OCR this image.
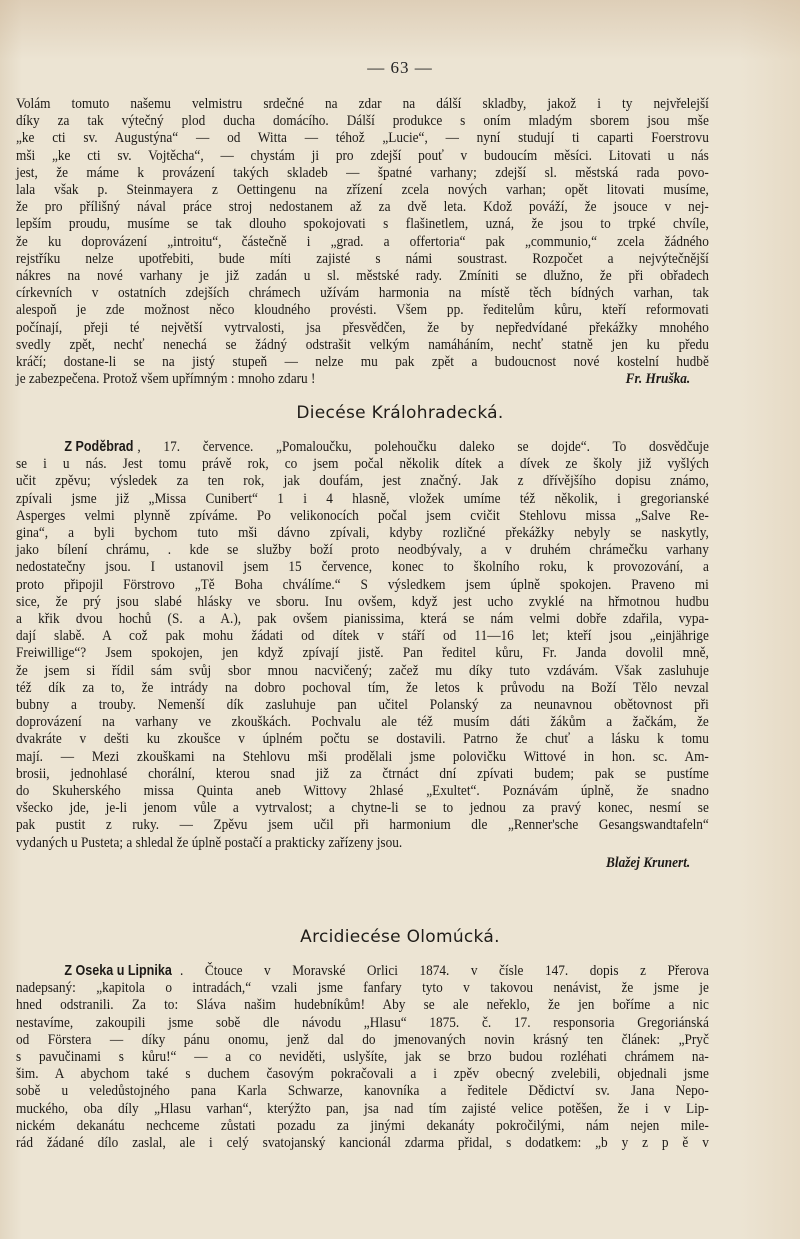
— 63 —
Volám tomuto našemu velmistru srdečné na zdar na dálší skladby, jakož i ty nejvřelejší
díky za tak výtečný plod ducha domácího. Dálší produkce s oním mladým sborem jsou mše
„ke cti sv. Augustýna“ — od Witta — téhož „Lucie“, — nyní studují ti caparti Foerstrovu
mši „ke cti sv. Vojtěcha“, — chystám ji pro zdejší pouť v budoucím měsíci. Litovati u nás
jest, že máme k provázení takých skladeb — špatné varhany; zdejší sl. městská rada povo-
lala však p. Steinmayera z Oettingenu na zřízení zcela nových varhan; opět litovati musíme,
že pro přílišný nával práce stroj nedostanem až za dvě leta. Kdož pováží, že jsouce v nej-
lepším proudu, musíme se tak dlouho spokojovati s flašinetlem, uzná, že jsou to trpké chvíle,
že ku doprovázení „introitu“, částečně i „grad. a offertoria“ pak „communio,“ zcela žádného
rejstříku nelze upotřebiti, bude míti zajisté s námi soustrast. Rozpočet a nejvýtečnější
nákres na nové varhany je již zadán u sl. městské rady. Zmíniti se dlužno, že při obřadech
církevních v ostatních zdejších chrámech užívám harmonia na místě těch bídných varhan, tak
alespoň je zde možnost něco kloudného provésti. Všem pp. ředitelům kůru, kteří reformovati
počínají, přeji té největší vytrvalosti, jsa přesvědčen, že by nepředvídané překážky mnohého
svedly zpět, nechť nenechá se žádný odstrašit velkým namáháním, nechť statně jen ku předu
kráčí; dostane-li se na jistý stupeň — nelze mu pak zpět a budoucnost nové kostelní hudbě
je zabezpečena. Protož všem upřímným : mnoho zdaru !	Fr. Hruška.
Diecése Králohradecká.
Z Poděbrad , 17. července. „Pomaloučku, polehoučku daleko se dojde“. To dosvědčuje
se i u nás. Jest tomu právě rok, co jsem počal několik dítek a dívek ze školy již vyšlých
učit zpěvu; výsledek za ten rok, jak doufám, jest značný. Jak z dřívějšího dopisu známo,
zpívali jsme již „Missa Cunibert“ 1 i 4 hlasně, vložek umíme též několik, i gregorianské
Asperges velmi plynně zpíváme. Po velikonocích počal jsem cvičit Stehlovu missa „Salve Re-
gina“, a byli bychom tuto mši dávno zpívali, kdyby rozličné překážky nebyly se naskytly,
jako bílení chrámu, . kde se služby boží proto neodbývaly, a v druhém chrámečku varhany
nedostatečny jsou. I ustanovil jsem 15 července, konec to školního roku, k provozování, a
proto připojil Förstrovo „Tě Boha chválíme.“ S výsledkem jsem úplně spokojen. Praveno mi
sice, že prý jsou slabé hlásky ve sboru. Inu ovšem, když jest ucho zvyklé na hřmotnou hudbu
a křik dvou hochů (S. a A.), pak ovšem pianissima, která se nám velmi dobře zdařila, vypa-
dají slabě. A což pak mohu žádati od dítek v stáří od 11—16 let; kteří jsou „einjährige
Freiwillige“? Jsem spokojen, jen když zpívají jistě. Pan ředitel kůru, Fr. Janda dovolil mně,
že jsem si řídil sám svůj sbor mnou nacvičený; začež mu díky tuto vzdávám. Však zasluhuje
též dík za to, že intrády na dobro pochoval tím, že letos k průvodu na Boží Tělo nevzal
bubny a trouby. Nemenší dík zasluhuje pan učitel Polanský za neunavnou obětovnost při
doprovázení na varhany ve zkouškách. Pochvalu ale též musím dáti žákům a žačkám, že
dvakráte v dešti ku zkoušce v úplném počtu se dostavili. Patrno že chuť a lásku k tomu
mají. — Mezi zkouškami na Stehlovu mši prodělali jsme polovičku Wittové in hon. sc. Am-
brosii, jednohlasé chorální, kterou snad již za čtrnáct dní zpívati budem; pak se pustíme
do Skuherského missa Quinta aneb Wittovy 2hlasé „Exultet“. Poznávám úplně, že snadno
všecko jde, je-li jenom vůle a vytrvalost; a chytne-li se to jednou za pravý konec, nesmí se
pak pustit z ruky. — Zpěvu jsem učil při harmonium dle „Renner'sche Gesangswandtafeln“
vydaných u Pusteta; a shledal že úplně postačí a prakticky zařízeny jsou.
Blažej Krunert.
Arcidiecése Olomúcká.
Z Oseka u Lipnika . Čtouce v Moravské Orlici 1874. v čísle 147. dopis z Přerova
nadepsaný: „kapitola o intradách,“ vzali jsme fanfary tyto v takovou nenávist, že jsme je
hned odstranili. Za to: Sláva našim hudebníkům! Aby se ale neřeklo, že jen boříme a nic
nestavíme, zakoupili jsme sobě dle návodu „Hlasu“ 1875. č. 17. responsoria Gregoriánská
od Förstera — díky pánu onomu, jenž dal do jmenovaných novin krásný ten článek: „Pryč
s pavučinami s kůru!“ — a co neviděti, uslyšíte, jak se brzo budou rozléhati chrámem na-
šim. A abychom také s duchem časovým pokračovali a i zpěv obecný zvelebili, objednali jsme
sobě u veledůstojného pana Karla Schwarze, kanovníka a ředitele Dědictví sv. Jana Nepo-
muckého, oba díly „Hlasu varhan“, kterýžto pan, jsa nad tím zajisté velice potěšen, že i v Lip-
nickém dekanátu nechceme zůstati pozadu za jinými dekanáty pokročilými, nám nejen mile-
rád žádané dílo zaslal, ale i celý svatojanský kancionál zdarma přidal, s dodatkem: „b y z p ě v
